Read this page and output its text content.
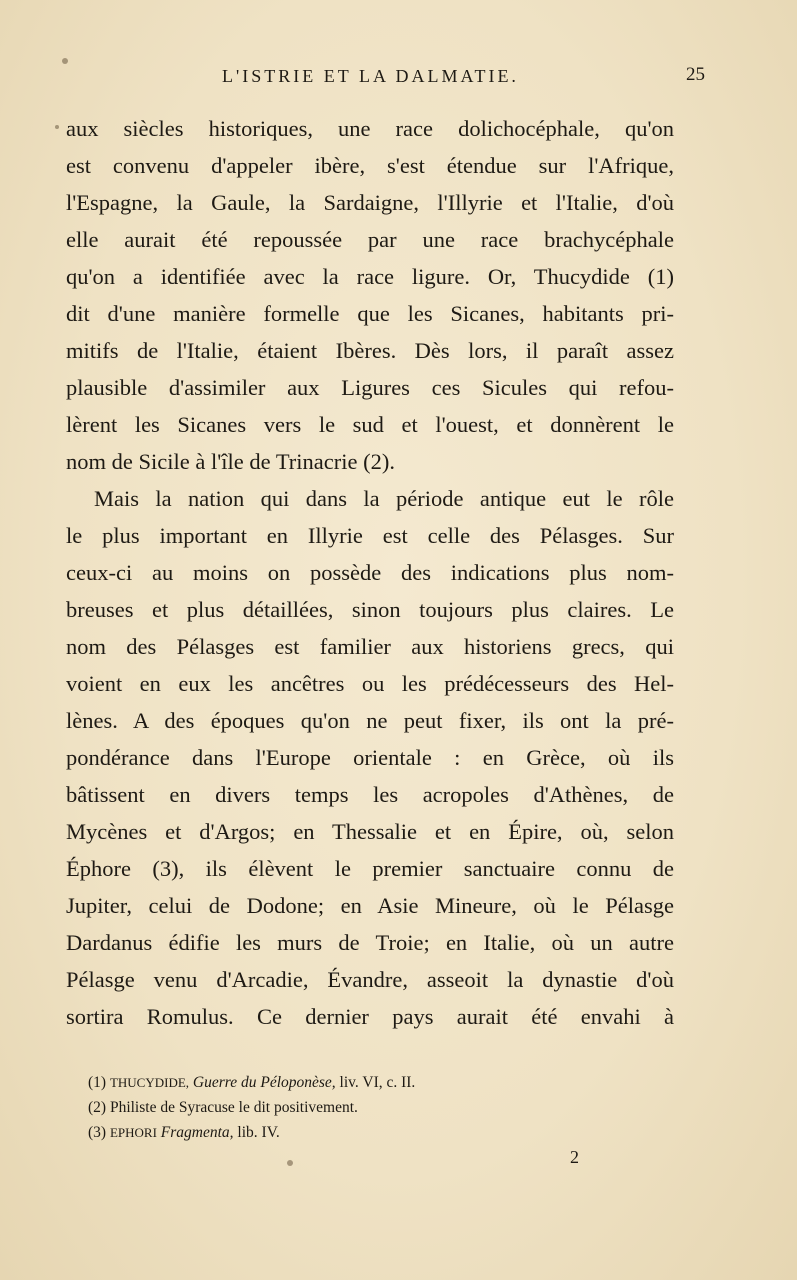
L'ISTRIE ET LA DALMATIE.	25
aux siècles historiques, une race dolichocéphale, qu'on
est convenu d'appeler ibère, s'est étendue sur l'Afrique,
l'Espagne, la Gaule, la Sardaigne, l'Illyrie et l'Italie, d'où
elle aurait été repoussée par une race brachycéphale
qu'on a identifiée avec la race ligure. Or, Thucydide (1)
dit d'une manière formelle que les Sicanes, habitants pri-
mitifs de l'Italie, étaient Ibères. Dès lors, il paraît assez
plausible d'assimiler aux Ligures ces Sicules qui refou-
lèrent les Sicanes vers le sud et l'ouest, et donnèrent le
nom de Sicile à l'île de Trinacrie (2).
Mais la nation qui dans la période antique eut le rôle
le plus important en Illyrie est celle des Pélasges. Sur
ceux-ci au moins on possède des indications plus nom-
breuses et plus détaillées, sinon toujours plus claires. Le
nom des Pélasges est familier aux historiens grecs, qui
voient en eux les ancêtres ou les prédécesseurs des Hel-
lènes. A des époques qu'on ne peut fixer, ils ont la pré-
pondérance dans l'Europe orientale : en Grèce, où ils
bâtissent en divers temps les acropoles d'Athènes, de
Mycènes et d'Argos; en Thessalie et en Épire, où, selon
Éphore (3), ils élèvent le premier sanctuaire connu de
Jupiter, celui de Dodone; en Asie Mineure, où le Pélasge
Dardanus édifie les murs de Troie; en Italie, où un autre
Pélasge venu d'Arcadie, Évandre, asseoit la dynastie d'où
sortira Romulus. Ce dernier pays aurait été envahi à
(1) THUCYDIDE, Guerre du Péloponèse, liv. VI, c. II.
(2) Philiste de Syracuse le dit positivement.
(3) EPHORI Fragmenta, lib. IV.
2
